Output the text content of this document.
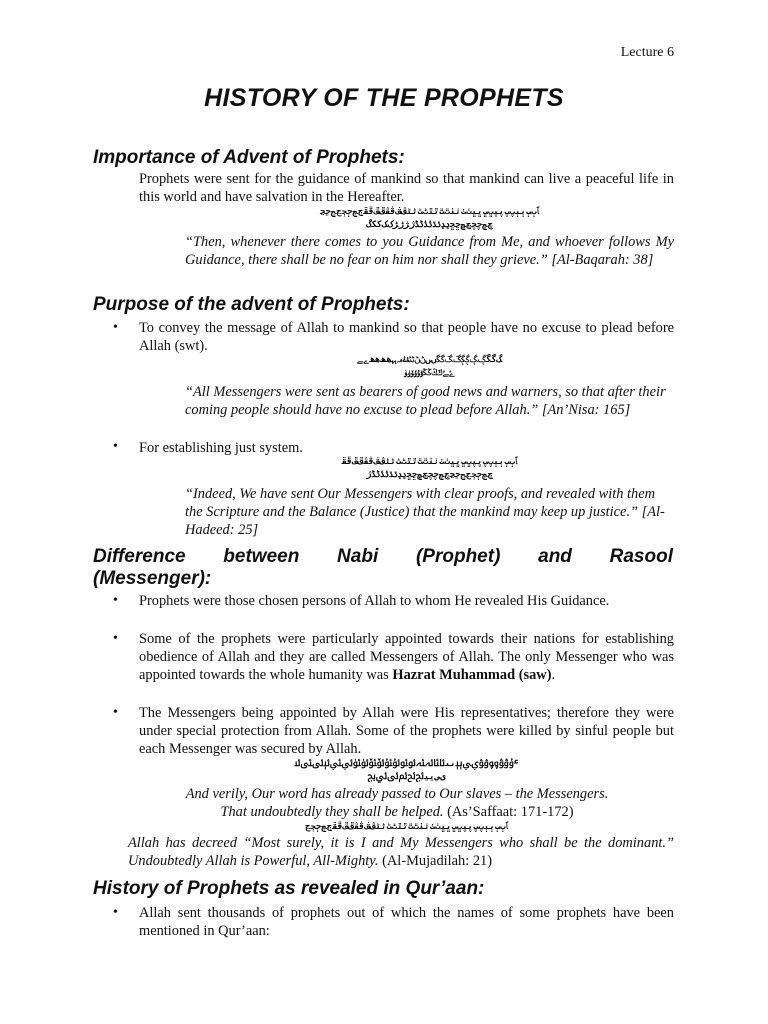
Lecture 6
HISTORY OF THE PROPHETS
Importance of Advent of Prophets:
Prophets were sent for the guidance of mankind so that mankind can live a peaceful life in this world and have salvation in the Hereafter.
ﭑﭒﭓﭔﭕﭖﭗﭘﭙﭚﭛﭜﭝﭞﭟﭠﭡﭢﭣﭤﭥﭦﭧﭨﭩﭪﭫﭬﭭﭮﭯﭰﭱﭲﭳﭴﭵﭶﭷﭸﭹ
ﭺﭻﭼﭽﭾﭿﮀﮁﮂﮃﮄﮅﮆﮇﮈﮉﮊﮋﮌﮍﮎﮏﮐﮑﮒ
“Then, whenever there comes to you Guidance from Me, and whoever follows My Guidance, there shall be no fear on him nor shall they grieve.” [Al-Baqarah: 38]
Purpose of the advent of Prophets:
• To convey the message of Allah to mankind so that people have no excuse to plead before Allah (swt).
ﮓﮔﮕﮖﮗﮘﮙﮚﮛﮜﮝﮞﮟﮠﮡﮢﮣﮤﮥﮦﮧﮨﮩﮪﮫﮬﮭﮮﮯ
ﮰﮱﯓﯔﯕﯖﯗﯘﯙﯚﯛﯜ
“All Messengers were sent as bearers of good news and warners, so that after their coming people should have no excuse to plead before Allah.” [An’Nisa: 165]
• For establishing just system.
ﭑﭒﭓﭔﭕﭖﭗﭘﭙﭚﭛﭜﭝﭞﭟﭠﭡﭢﭣﭤﭥﭦﭧﭨﭩﭪﭫﭬﭭﭮﭯﭰﭱ
ﭲﭳﭴﭵﭶﭷﭸﭹﭺﭻﭼﭽﭾﭿﮀﮁﮂﮃﮄﮅﮆﮇﮈﮉﮊ
“Indeed, We have sent Our Messengers with clear proofs, and revealed with them the Scripture and the Balance (Justice) that the mankind may keep up justice.” [Al-Hadeed: 25]
Difference between Nabi (Prophet) and Rasool
(Messenger):
• Prophets were those chosen persons of Allah to whom He revealed His Guidance.
• Some of the prophets were particularly appointed towards their nations for establishing obedience of Allah and they are called Messengers of Allah. The only Messenger who was appointed towards the whole humanity was Hazrat Muhammad (saw).
• The Messengers being appointed by Allah were His representatives; therefore they were under special protection from Allah. Some of the prophets were killed by sinful people but each Messenger was secured by Allah.
ﯝﯞﯟﯠﯡﯢﯣﯤﯥﯦﯧﯨﯩﯪﯫﯬﯭﯮﯯﯰﯱﯲﯳﯴﯵﯶﯷﯸﯹﯺﯻ
ﯼﯽﯾﯿﰀﰁﰂﰃﰄﰅ
And verily, Our word has already passed to Our slaves – the Messengers.
That undoubtedly they shall be helped. (As’Saffaat: 171-172)
ﭑﭒﭓﭔﭕﭖﭗﭘﭙﭚﭛﭜﭝﭞﭟﭠﭡﭢﭣﭤﭥﭦﭧﭨﭩﭪﭫﭬﭭﭮﭯﭰﭱﭲﭳﭴﭵﭶ
Allah has decreed “Most surely, it is I and My Messengers who shall be the dominant.” Undoubtedly Allah is Powerful, All-Mighty. (Al-Mujadilah: 21)
History of Prophets as revealed in Qur’aan:
• Allah sent thousands of prophets out of which the names of some prophets have been mentioned in Qur’aan:
